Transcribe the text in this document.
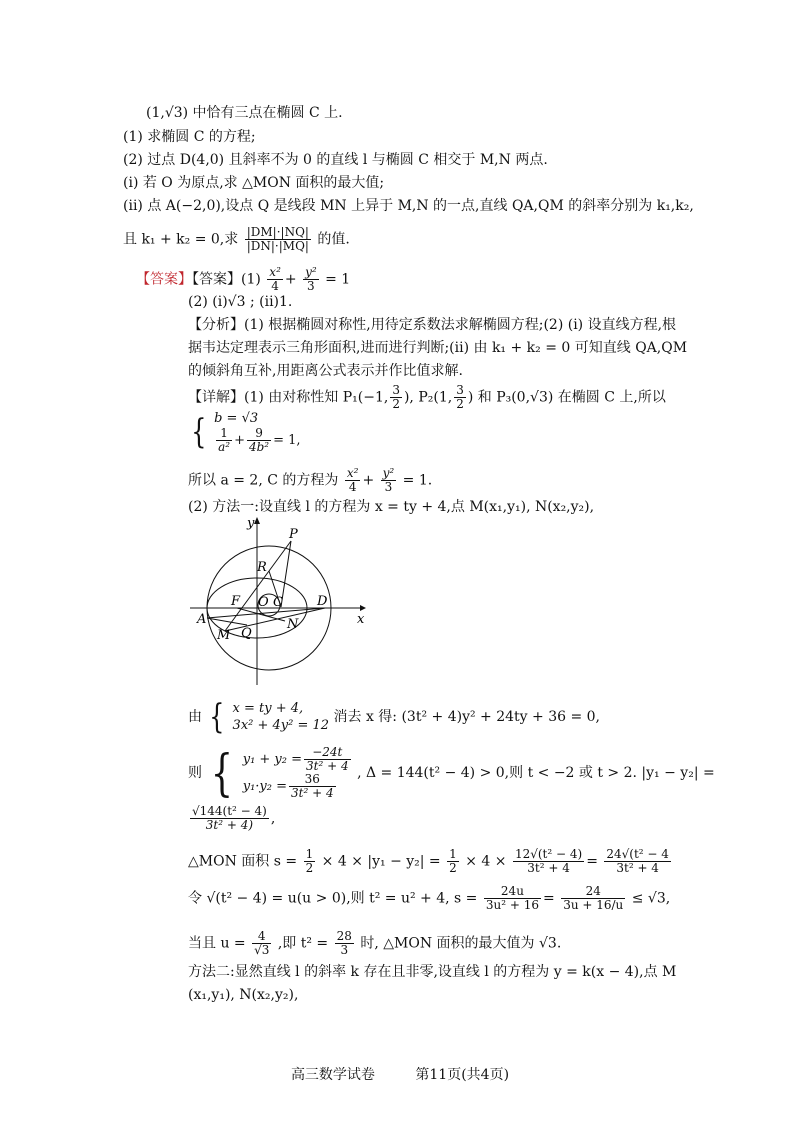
(1,√3) 中恰有三点在椭圆 C 上.
(1) 求椭圆 C 的方程;
(2) 过点 D(4,0) 且斜率不为 0 的直线 l 与椭圆 C 相交于 M,N 两点.
(i) 若 O 为原点,求 △MON 面积的最大值;
(ii) 点 A(−2,0),设点 Q 是线段 MN 上异于 M,N 的一点,直线 QA,QM 的斜率分别为 k₁,k₂,
且 k₁ + k₂ = 0,求 $\frac{|DM|\cdot|NQ|}{|DN|\cdot|MQ|}$ 的值.
【答案】【答案】$(1) \frac{\text{x²}}{4} + \frac{\text{y²}}{3} = 1$
(2) (i)√3 ; (ii)1.
【分析】(1) 根据椭圆对称性,用待定系数法求解椭圆方程;(2) (i) 设直线方程,根
据韦达定理表示三角形面积,进而进行判断;(ii) 由 k₁ + k₂ = 0 可知直线 QA,QM
的倾斜角互补,用距离公式表示并作比值求解.
【详解】(1) 由对称性知 P₁(−1, $\frac{3}{2}$ ), P₂(1, $\frac{3}{2}$ ) 和 P₃(0,√3) 在椭圆 C 上,所以
{ b = √3
$\frac{1}{\text{a²}} + \frac{9}{\text{4b²}} = 1$,
所以 a = 2, C 的方程为 $\frac{\text{x²}}{4} + \frac{\text{y²}}{3} = 1$.
(2) 方法一:设直线 l 的方程为 x = ty + 4,点 M(x₁,y₁), N(x₂,y₂),
y
x
P
R
F O C	D
A
M Q
N
由 { x = ty + 4,
3x² + 4y² = 12
消去 x 得: (3t² + 4)y² + 24ty + 36 = 0,
则 { $y_1 + y_2 = \frac{-24t}{\text{3t² + 4}}$
$y_1\cdot y_2 = \frac{36}{\text{3t² + 4}}$ , Δ = 144(t² − 4) > 0,则 t < −2 或 t > 2. |y₁ − y₂| =
$\frac{\text{√144(t² − 4)}}{\text{3t² + 4)}}$ ,
△MON 面积 $s = \frac{1}{2} \times 4 \times |y_1 - y_2| = \frac{1}{2} \times 4 \times \frac{\text{12√(t² − 4)}}{\text{3t² + 4}} = \frac{\text{24√(t² − 4}}{\text{3t² + 4}}$
令 √(t² − 4) = u(u > 0),则 t² = u² + 4, $s = \frac{24u}{\text{3u² + 16}} = \frac{24}{3u + 16/u} \le √3$,
当且 $u = \frac{4}{√3}$ ,即 $t^2 = \frac{28}{3}$ 时, △MON 面积的最大值为 √3.
方法二:显然直线 l 的斜率 k 存在且非零,设直线 l 的方程为 y = k(x − 4),点 M
(x₁,y₁), N(x₂,y₂),
高三数学试卷	第11页(共4页)
